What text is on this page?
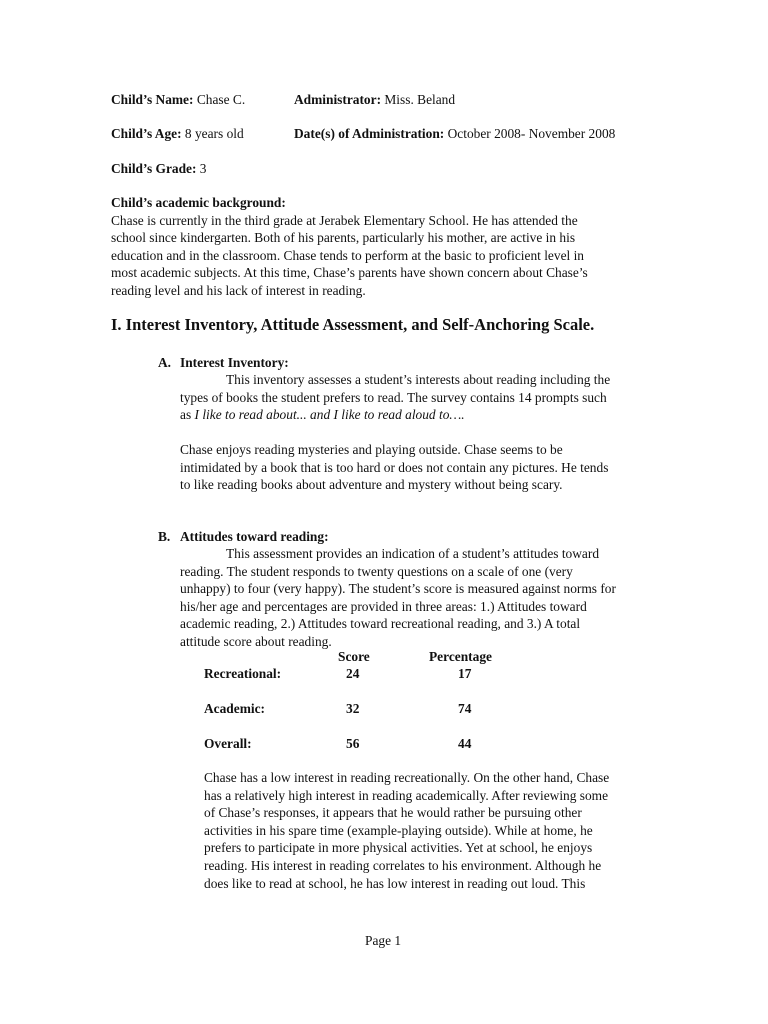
Child’s Name: Chase C.	Administrator: Miss. Beland
Child’s Age: 8 years old	Date(s) of Administration: October 2008- November 2008
Child’s Grade: 3
Child’s academic background:
Chase is currently in the third grade at Jerabek Elementary School. He has attended the
school since kindergarten. Both of his parents, particularly his mother, are active in his
education and in the classroom. Chase tends to perform at the basic to proficient level in
most academic subjects. At this time, Chase’s parents have shown concern about Chase’s
reading level and his lack of interest in reading.
I. Interest Inventory, Attitude Assessment, and Self-Anchoring Scale.
A. Interest Inventory:
This inventory assesses a student’s interests about reading including the
types of books the student prefers to read. The survey contains 14 prompts such
as I like to read about... and I like to read aloud to….
Chase enjoys reading mysteries and playing outside. Chase seems to be
intimidated by a book that is too hard or does not contain any pictures. He tends
to like reading books about adventure and mystery without being scary.
B. Attitudes toward reading:
This assessment provides an indication of a student’s attitudes toward
reading. The student responds to twenty questions on a scale of one (very
unhappy) to four (very happy). The student’s score is measured against norms for
his/her age and percentages are provided in three areas: 1.) Attitudes toward
academic reading, 2.) Attitudes toward recreational reading, and 3.) A total
attitude score about reading.
Score	Percentage
Recreational:	24	17
Academic:	32	74
Overall:	56	44
Chase has a low interest in reading recreationally. On the other hand, Chase
has a relatively high interest in reading academically. After reviewing some
of Chase’s responses, it appears that he would rather be pursuing other
activities in his spare time (example-playing outside). While at home, he
prefers to participate in more physical activities. Yet at school, he enjoys
reading. His interest in reading correlates to his environment. Although he
does like to read at school, he has low interest in reading out loud. This
Page 1
